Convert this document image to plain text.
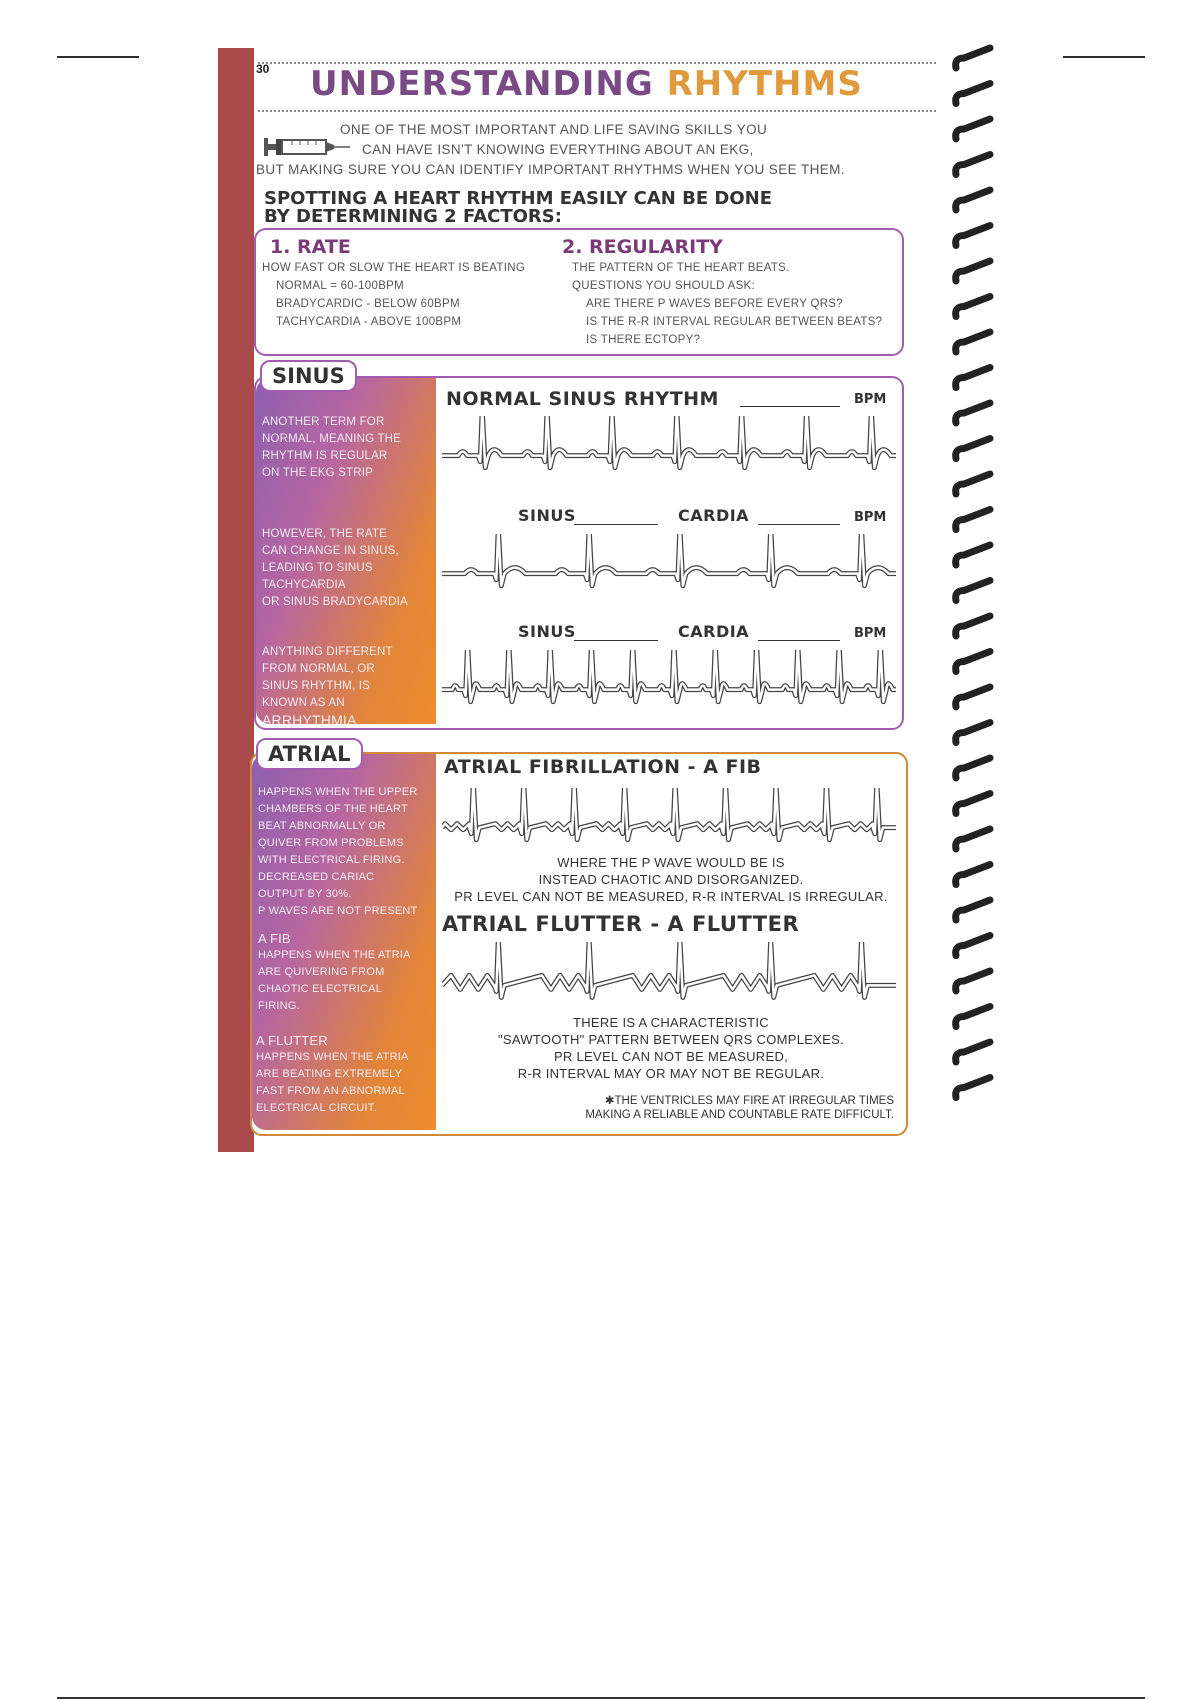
30 UNDERSTANDING RHYTHMS
ONE OF THE MOST IMPORTANT AND LIFE SAVING SKILLS YOU
CAN HAVE ISN'T KNOWING EVERYTHING ABOUT AN EKG,
BUT MAKING SURE YOU CAN IDENTIFY IMPORTANT RHYTHMS WHEN YOU SEE THEM.
SPOTTING A HEART RHYTHM EASILY CAN BE DONE
BY DETERMINING 2 FACTORS:
1. RATE
HOW FAST OR SLOW THE HEART IS BEATING
NORMAL = 60-100BPM
BRADYCARDIC - BELOW 60BPM
TACHYCARDIA - ABOVE 100BPM
2. REGULARITY
THE PATTERN OF THE HEART BEATS.
QUESTIONS YOU SHOULD ASK:
ARE THERE P WAVES BEFORE EVERY QRS?
IS THE R-R INTERVAL REGULAR BETWEEN BEATS?
IS THERE ECTOPY?
SINUS
ANOTHER TERM FOR
NORMAL, MEANING THE
RHYTHM IS REGULAR
ON THE EKG STRIP
HOWEVER, THE RATE
CAN CHANGE IN SINUS,
LEADING TO SINUS
TACHYCARDIA
OR SINUS BRADYCARDIA
ANYTHING DIFFERENT
FROM NORMAL, OR
SINUS RHYTHM, IS
KNOWN AS AN
ARRHYTHMIA
NORMAL SINUS RHYTHM	BPM
SINUS	CARDIA	BPM
SINUS	CARDIA	BPM
ATRIAL
HAPPENS WHEN THE UPPER
CHAMBERS OF THE HEART
BEAT ABNORMALLY OR
QUIVER FROM PROBLEMS
WITH ELECTRICAL FIRING.
DECREASED CARIAC
OUTPUT BY 30%.
P WAVES ARE NOT PRESENT
A FIB
HAPPENS WHEN THE ATRIA
ARE QUIVERING FROM
CHAOTIC ELECTRICAL
FIRING.
A FLUTTER
HAPPENS WHEN THE ATRIA
ARE BEATING EXTREMELY
FAST FROM AN ABNORMAL
ELECTRICAL CIRCUIT.
ATRIAL FIBRILLATION - A FIB
WHERE THE P WAVE WOULD BE IS
INSTEAD CHAOTIC AND DISORGANIZED.
PR LEVEL CAN NOT BE MEASURED, R-R INTERVAL IS IRREGULAR.
ATRIAL FLUTTER - A FLUTTER
THERE IS A CHARACTERISTIC
"SAWTOOTH" PATTERN BETWEEN QRS COMPLEXES.
PR LEVEL CAN NOT BE MEASURED,
R-R INTERVAL MAY OR MAY NOT BE REGULAR.
✱THE VENTRICLES MAY FIRE AT IRREGULAR TIMES
MAKING A RELIABLE AND COUNTABLE RATE DIFFICULT.
